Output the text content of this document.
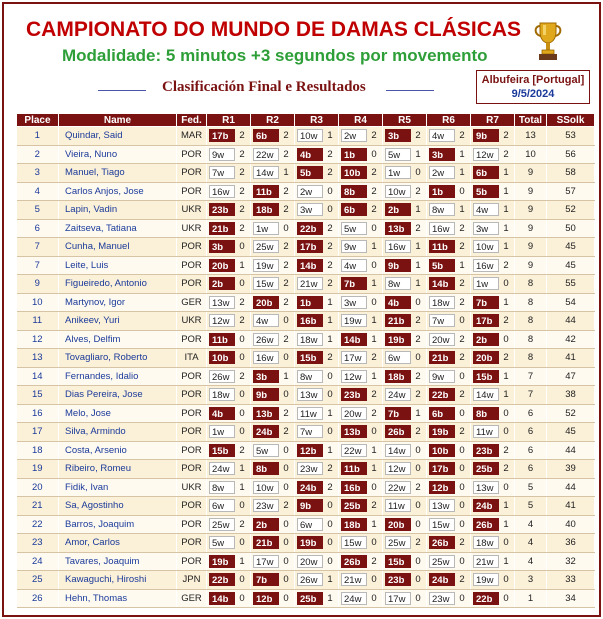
CAMPIONATO DO MUNDO DE DAMAS CLÁSICAS
Modalidade: 5 minutos +3 segundos por movemento
Clasificación Final e Resultados	Albufeira [Portugal]
9/5/2024
Place	Name	Fed.	R1	R2	R3	R4	R5	R6	R7	Total	SSolk
1	Quindar, Said	MAR	17b 2	6b 2	10w 1	2w 2	3b 2	4w 2	9b 2	13	53
2	Vieira, Nuno	POR	9w 2	22w 2	4b 2	1b 0	5w 1	3b 1	12w 2	10	56
3	Manuel, Tiago	POR	7w 2	14w 1	5b 2	10b 2	1w 0	2w 1	6b 1	9	58
4	Carlos Anjos, Jose	POR	16w 2	11b 2	2w 0	8b 2	10w 2	1b 0	5b 1	9	57
5	Lapin, Vadin	UKR	23b 2	18b 2	3w 0	6b 2	2b 1	8w 1	4w 1	9	52
6	Zaitseva, Tatiana	UKR	21b 2	1w 0	22b 2	5w 0	13b 2	16w 2	3w 1	9	50
7	Cunha, Manuel	POR	3b 0	25w 2	17b 2	9w 1	16w 1	11b 2	10w 1	9	45
7	Leite, Luis	POR	20b 1	19w 2	14b 2	4w 0	9b 1	5b 1	16w 2	9	45
9	Figueiredo, Antonio	POR	2b 0	15w 2	21w 2	7b 1	8w 1	14b 2	1w 0	8	55
10	Martynov, Igor	GER	13w 2	20b 2	1b 1	3w 0	4b 0	18w 2	7b 1	8	54
11	Anikeev, Yuri	UKR	12w 2	4w 0	16b 1	19w 1	21b 2	7w 0	17b 2	8	44
12	Alves, Delfim	POR	11b 0	26w 2	18w 1	14b 1	19b 2	20w 2	2b 0	8	42
13	Tovagliaro, Roberto	ITA	10b 0	16w 0	15b 2	17w 2	6w 0	21b 2	20b 2	8	41
14	Fernandes, Idalio	POR	26w 2	3b 1	8w 0	12w 1	18b 2	9w 0	15b 1	7	47
15	Dias Pereira, Jose	POR	18w 0	9b 0	13w 0	23b 2	24w 2	22b 2	14w 1	7	38
16	Melo, Jose	POR	4b 0	13b 2	11w 1	20w 2	7b 1	6b 0	8b 0	6	52
17	Silva, Armindo	POR	1w 0	24b 2	7w 0	13b 0	26b 2	19b 2	11w 0	6	45
18	Costa, Arsenio	POR	15b 2	5w 0	12b 1	22w 1	14w 0	10b 0	23b 2	6	44
19	Ribeiro, Romeu	POR	24w 1	8b 0	23w 2	11b 1	12w 0	17b 0	25b 2	6	39
20	Fidik, Ivan	UKR	8w 1	10w 0	24b 2	16b 0	22w 2	12b 0	13w 0	5	44
21	Sa, Agostinho	POR	6w 0	23w 2	9b 0	25b 2	11w 0	13w 0	24b 1	5	41
22	Barros, Joaquim	POR	25w 2	2b 0	6w 0	18b 1	20b 0	15w 0	26b 1	4	40
23	Amor, Carlos	POR	5w 0	21b 0	19b 0	15w 0	25w 2	26b 2	18w 0	4	36
24	Tavares, Joaquim	POR	19b 1	17w 0	20w 0	26b 2	15b 0	25w 0	21w 1	4	32
25	Kawaguchi, Hiroshi	JPN	22b 0	7b 0	26w 1	21w 0	23b 0	24b 2	19w 0	3	33
26	Hehn, Thomas	GER	14b 0	12b 0	25b 1	24w 0	17w 0	23w 0	22b 0	1	34
